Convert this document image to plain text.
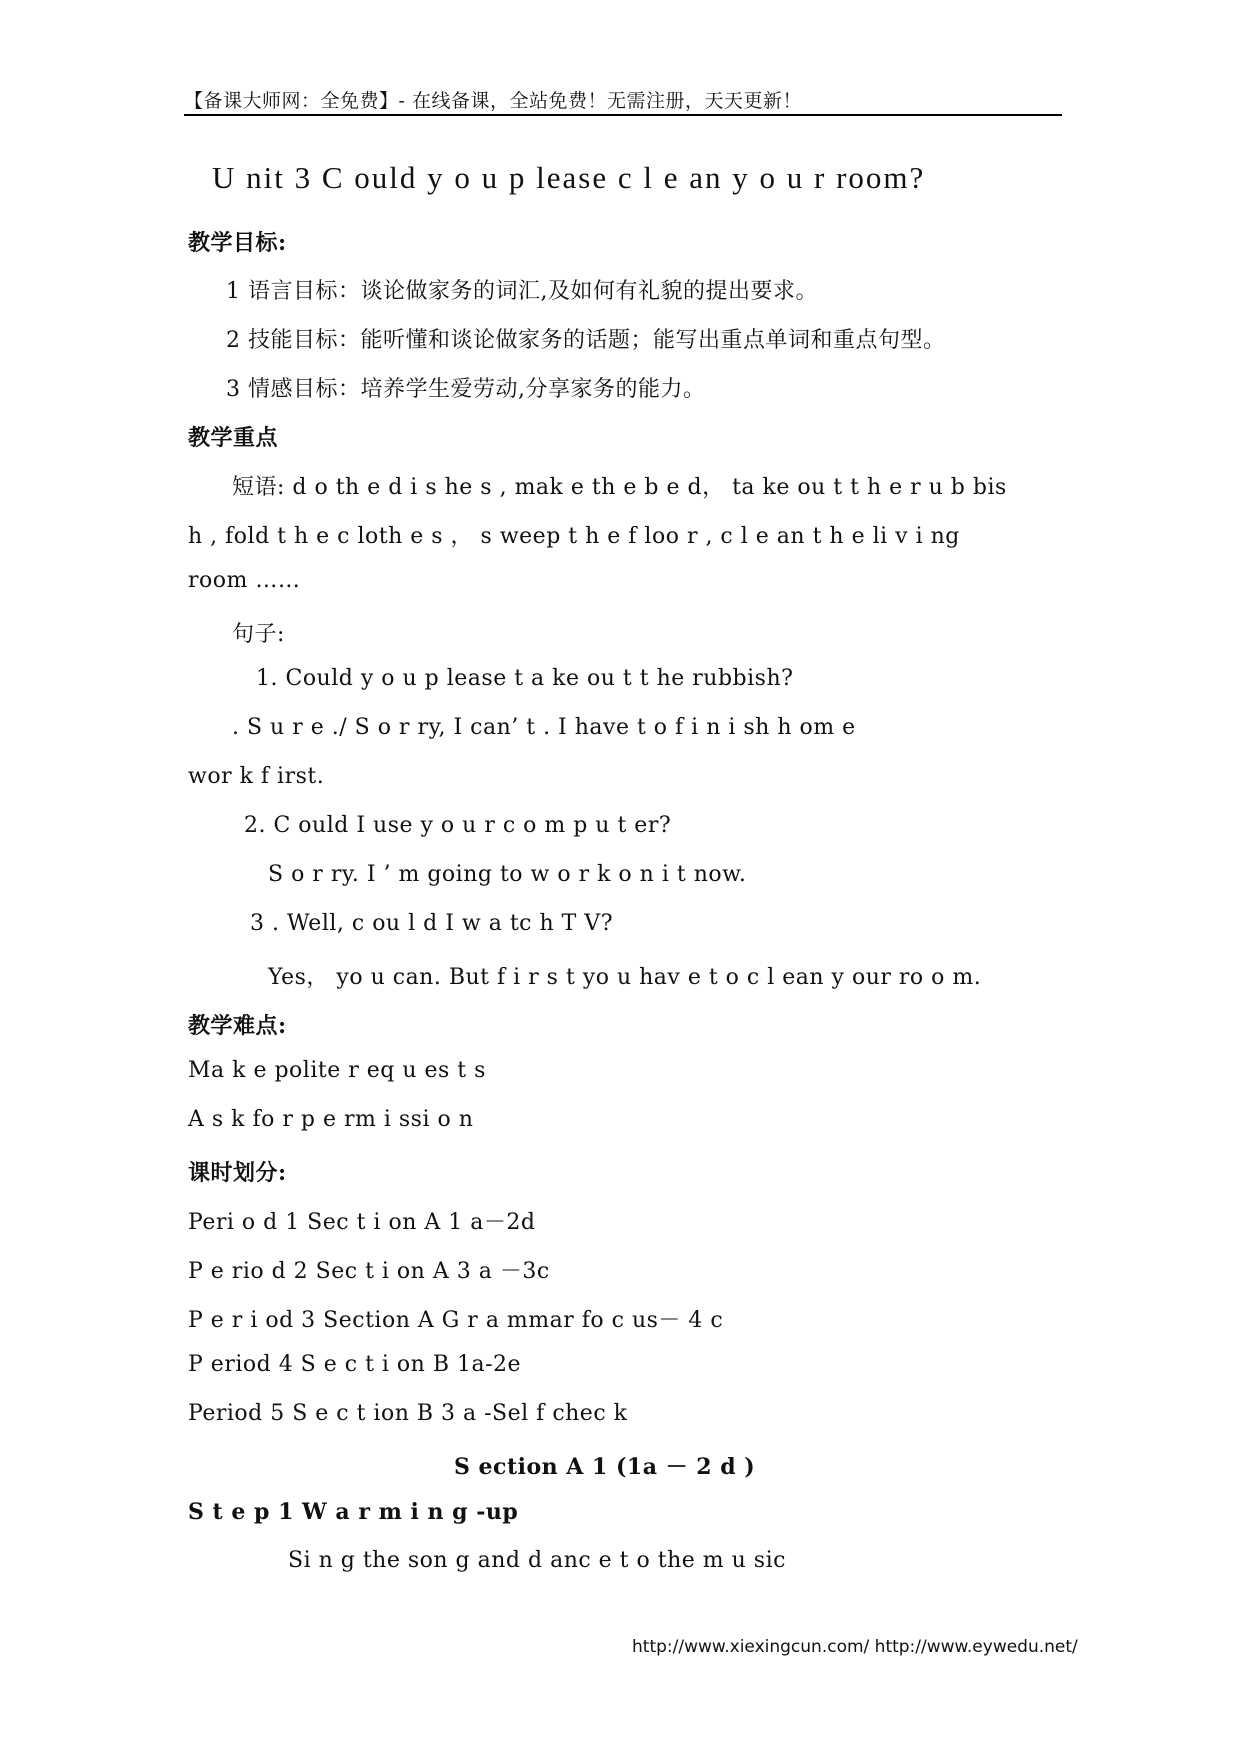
【备课大师网：全免费】- 在线备课，全站免费！无需注册，天天更新！
U nit 3 C ould y o u p lease c l e an y o u r room?
教学目标:
1 语言目标：谈论做家务的词汇,及如何有礼貌的提出要求。
2 技能目标：能听懂和谈论做家务的话题；能写出重点单词和重点句型。
3 情感目标：培养学生爱劳动,分享家务的能力。
教学重点
短语: d o th e d i s he s , mak e th e b e d， ta ke ou t t h e r u b bis
h , fold t h e c loth e s ， s weep t h e f loo r , c l e an t h e li v i ng
room ……
句子:
1. Could y o u p lease t a ke ou t t he rubbish?
. S u r e ./ S o r ry, I can’ t . I have t o f i n i sh h om e
wor k f irst.
2. C ould I use y o u r c o m p u t er?
S o r ry. I ’ m going to w o r k o n i t now.
3 . Well, c ou l d I w a tc h T V?
Yes， yo u can. But f i r s t yo u hav e t o c l ean y our ro o m.
教学难点:
Ma k e polite r eq u es t s
A s k fo r p e rm i ssi o n
课时划分:
Peri o d 1 Sec t i on A 1 a－2d
P e rio d 2 Sec t i on A 3 a －3c
P e r i od 3 Section A G r a mmar fo c us－ 4 c
P eriod 4 S e c t i on B 1a-2e
Period 5 S e c t ion B 3 a -Sel f chec k
S ection A 1 (1a － 2 d )
S t e p 1 W a r m i n g -up
Si n g the son g and d anc e t o the m u sic
http://www.xiexingcun.com/ http://www.eywedu.net/
